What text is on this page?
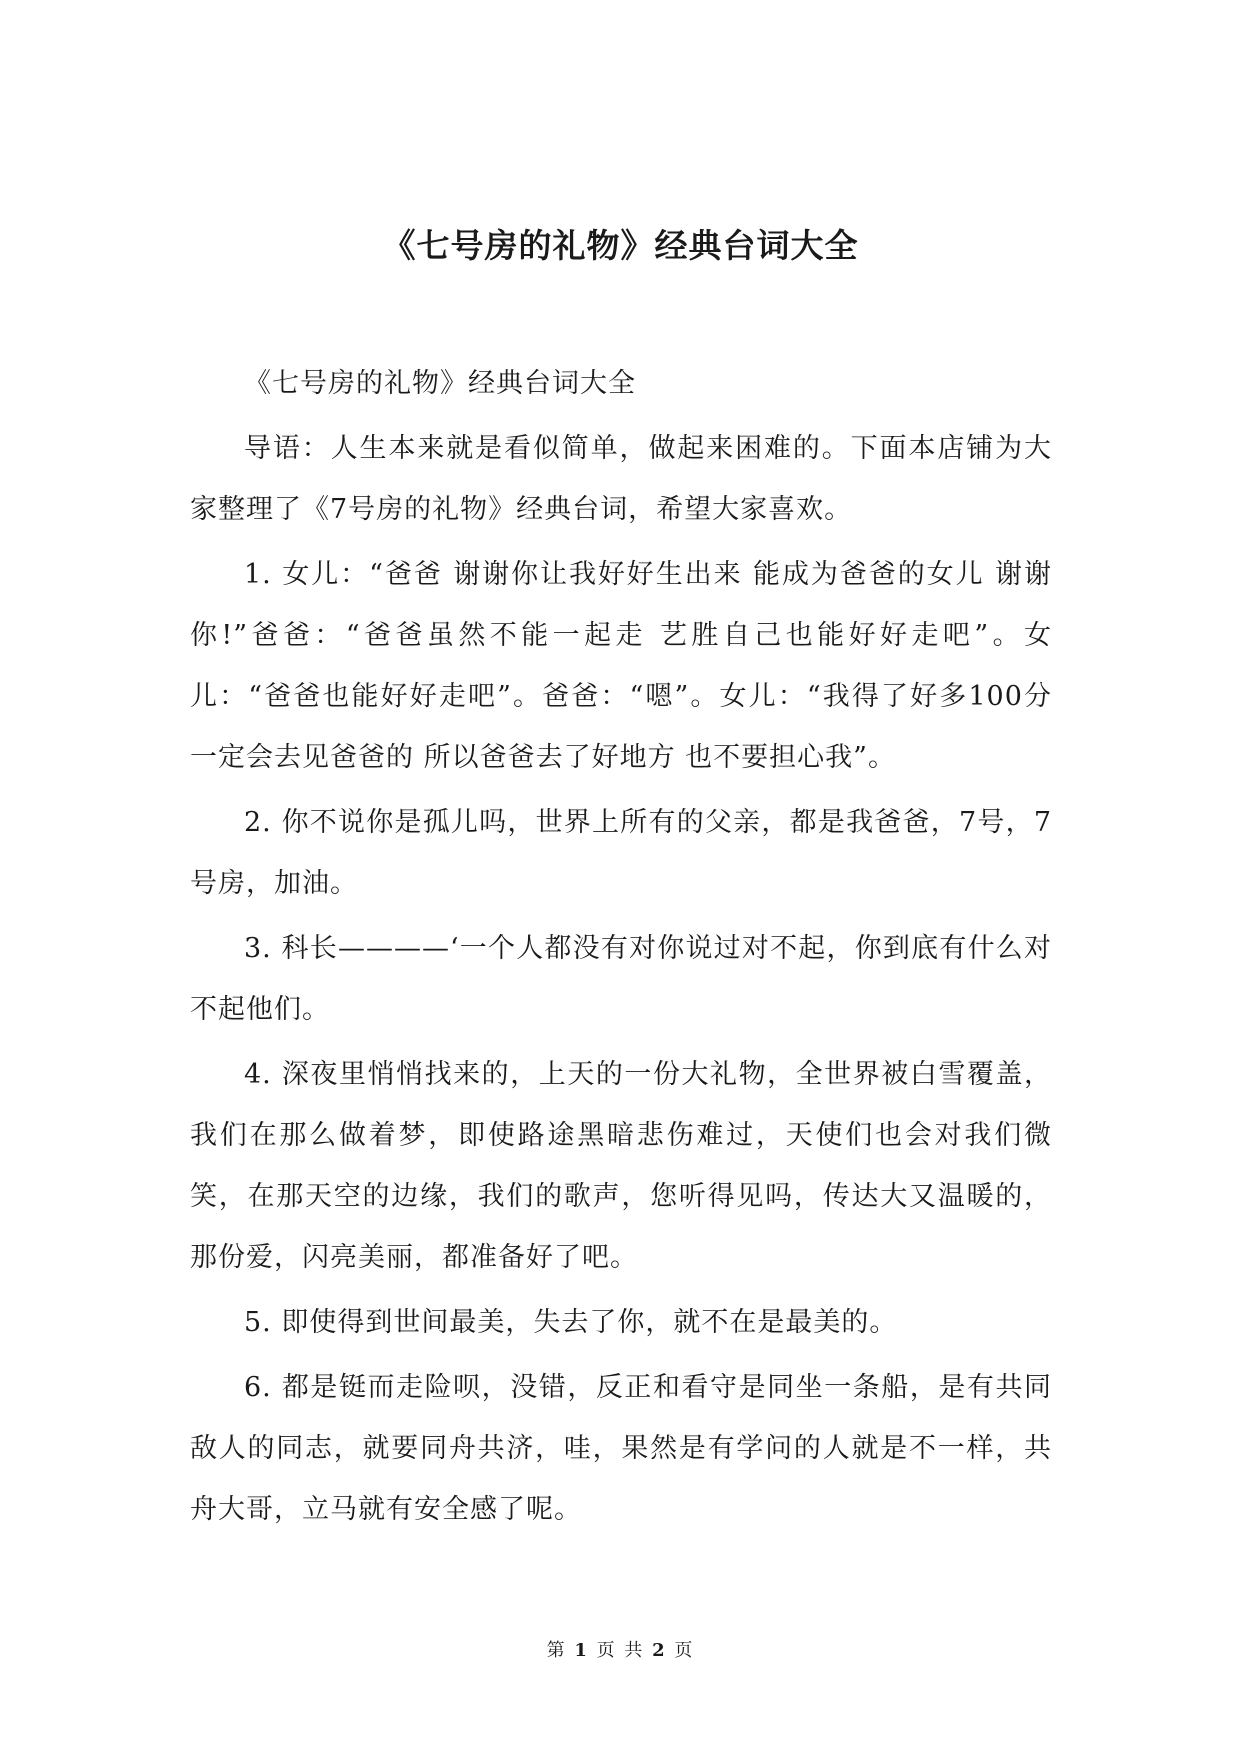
《七号房的礼物》经典台词大全

《七号房的礼物》经典台词大全

导语：人生本来就是看似简单，做起来困难的。下面本店铺为大家整理了《7号房的礼物》经典台词，希望大家喜欢。

1. 女儿：“爸爸 谢谢你让我好好生出来 能成为爸爸的女儿 谢谢你!”爸爸：“爸爸虽然不能一起走 艺胜自己也能好好走吧”。女儿：“爸爸也能好好走吧”。爸爸：“嗯”。女儿：“我得了好多100分 一定会去见爸爸的 所以爸爸去了好地方 也不要担心我”。

2. 你不说你是孤儿吗，世界上所有的父亲，都是我爸爸，7号，7号房，加油。

3. 科长————‘一个人都没有对你说过对不起，你到底有什么对不起他们。

4. 深夜里悄悄找来的，上天的一份大礼物，全世界被白雪覆盖，我们在那么做着梦，即使路途黑暗悲伤难过，天使们也会对我们微笑，在那天空的边缘，我们的歌声，您听得见吗，传达大又温暖的，那份爱，闪亮美丽，都准备好了吧。

5. 即使得到世间最美，失去了你，就不在是最美的。

6. 都是铤而走险呗，没错，反正和看守是同坐一条船，是有共同敌人的同志，就要同舟共济，哇，果然是有学问的人就是不一样，共舟大哥，立马就有安全感了呢。

第 1 页 共 2 页
